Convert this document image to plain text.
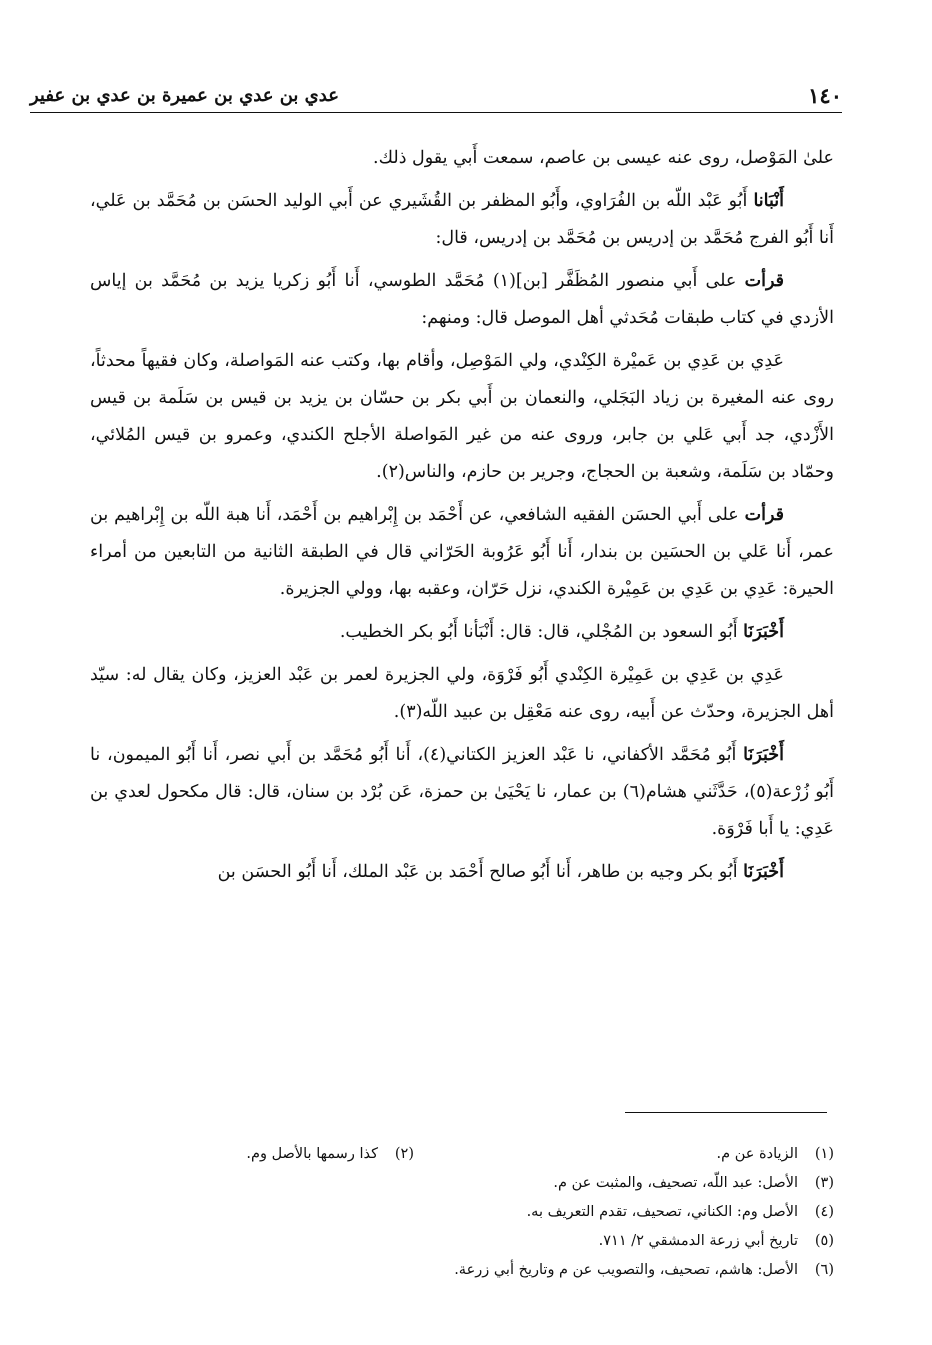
١٤٠
عدي بن عدي بن عميرة بن عدي بن عفير

علىٰ المَوْصل، روى عنه عيسى بن عاصم، سمعت أَبي يقول ذلك.

أَنْبَانا أَبُو عَبْد اللّه بن الفُرَاوي، وأَبُو المظفر بن القُشَيري عن أَبي الوليد الحسَن بن مُحَمَّد بن عَلي، أَنا أَبُو الفرج مُحَمَّد بن إدريس بن مُحَمَّد بن إدريس، قال:

قرأت على أَبي منصور المُظَفَّر [بن](١) مُحَمَّد الطوسي، أَنا أَبُو زكريا يزيد بن مُحَمَّد بن إياس الأزدي في كتاب طبقات مُحَدثي أهل الموصل قال: ومنهم:

عَدِي بن عَدِي بن عَميْرة الكِنْدي، ولي المَوْصِل، وأقام بها، وكتب عنه المَواصلة، وكان فقيهاً محدثاً، روى عنه المغيرة بن زياد البَجَلي، والنعمان بن أَبي بكر بن حسّان بن يزيد بن قيس بن سَلَمة بن قيس الأَزْدي، جد أَبي عَلي بن جابر، وروى عنه من غير المَواصلة الأجلح الكندي، وعمرو بن قيس المُلائي، وحمّاد بن سَلَمة، وشعبة بن الحجاج، وجرير بن حازم، والناس(٢).

قرأت على أَبي الحسَن الفقيه الشافعي، عن أَحْمَد بن إِبْراهيم بن أَحْمَد، أَنا هبة اللّه بن إِبْراهيم بن عمر، أَنا عَلي بن الحسَين بن بندار، أَنا أَبُو عَرُوبة الحَرّاني قال في الطبقة الثانية من التابعين من أمراء الحيرة: عَدِي بن عَدِي بن عَمِيْرة الكندي، نزل حَرّان، وعقبه بها، وولي الجزيرة.

أَخْبَرَنَا أَبُو السعود بن المُجْلي، قال: قال: أَنْبَأنا أَبُو بكر الخطيب.

عَدِي بن عَدِي بن عَمِيْرة الكِنْدي أَبُو فَرْوَة، ولي الجزيرة لعمر بن عَبْد العزيز، وكان يقال له: سيّد أهل الجزيرة، وحدّث عن أَبيه، روى عنه مَعْقِل بن عبيد اللّه(٣).

أَخْبَرَنَا أَبُو مُحَمَّد الأكفاني، نا عَبْد العزيز الكتاني(٤)، أَنا أَبُو مُحَمَّد بن أَبي نصر، أَنا أَبُو الميمون، نا أَبُو زُرْعة(٥)، حَدَّثَني هشام(٦) بن عمار، نا يَحْيَىٰ بن حمزة، عَن بُرْد بن سنان، قال: قال مكحول لعدي بن عَدِي: يا أَبا فَرْوَة.

أَخْبَرَنَا أَبُو بكر وجيه بن طاهر، أَنا أَبُو صالح أَحْمَد بن عَبْد الملك، أَنا أَبُو الحسَن بن

(١)الزيادة عن م.
(٢)كذا رسمها بالأصل وم.
(٣)الأصل: عبد اللّه، تصحيف، والمثبت عن م.
(٤)الأصل وم: الكناني، تصحيف، تقدم التعريف به.
(٥)تاريخ أبي زرعة الدمشقي ٢/ ٧١١.
(٦)الأصل: هاشم، تصحيف، والتصويب عن م وتاريخ أبي زرعة.
